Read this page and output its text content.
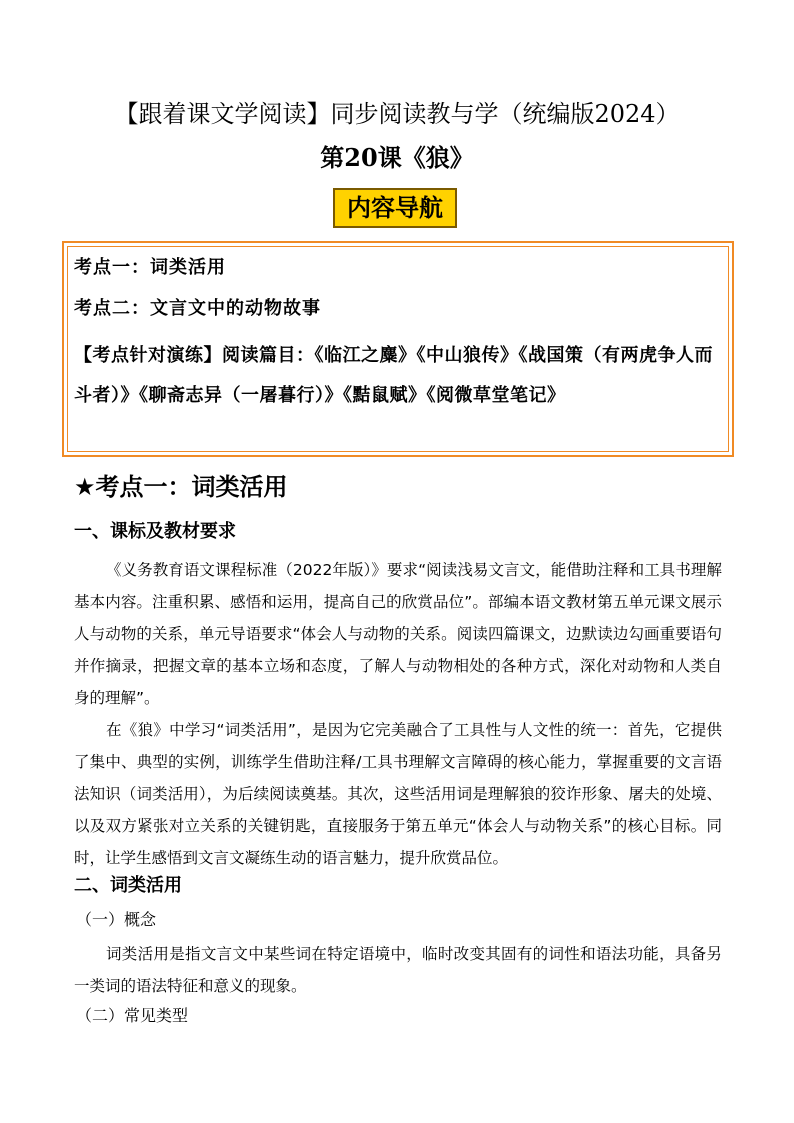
【跟着课文学阅读】同步阅读教与学（统编版2024）
第20课《狼》
内容导航
考点一：词类活用
考点二：文言文中的动物故事
【考点针对演练】阅读篇目：《临江之麋》《中山狼传》《战国策（有两虎争人而斗者）》《聊斋志异（一屠暮行）》《黠鼠赋》《阅微草堂笔记》
★考点一：词类活用
一、课标及教材要求
《义务教育语文课程标准（2022年版）》要求“阅读浅易文言文，能借助注释和工具书理解基本内容。注重积累、感悟和运用，提高自己的欣赏品位”。部编本语文教材第五单元课文展示人与动物的关系，单元导语要求“体会人与动物的关系。阅读四篇课文，边默读边勾画重要语句并作摘录，把握文章的基本立场和态度，了解人与动物相处的各种方式，深化对动物和人类自身的理解”。
在《狼》中学习“词类活用”，是因为它完美融合了工具性与人文性的统一：首先，它提供了集中、典型的实例，训练学生借助注释/工具书理解文言障碍的核心能力，掌握重要的文言语法知识（词类活用），为后续阅读奠基。其次，这些活用词是理解狼的狡诈形象、屠夫的处境、以及双方紧张对立关系的关键钥匙，直接服务于第五单元“体会人与动物关系”的核心目标。同时，让学生感悟到文言文凝练生动的语言魅力，提升欣赏品位。
二、词类活用
（一）概念
词类活用是指文言文中某些词在特定语境中，临时改变其固有的词性和语法功能，具备另一类词的语法特征和意义的现象。
（二）常见类型
